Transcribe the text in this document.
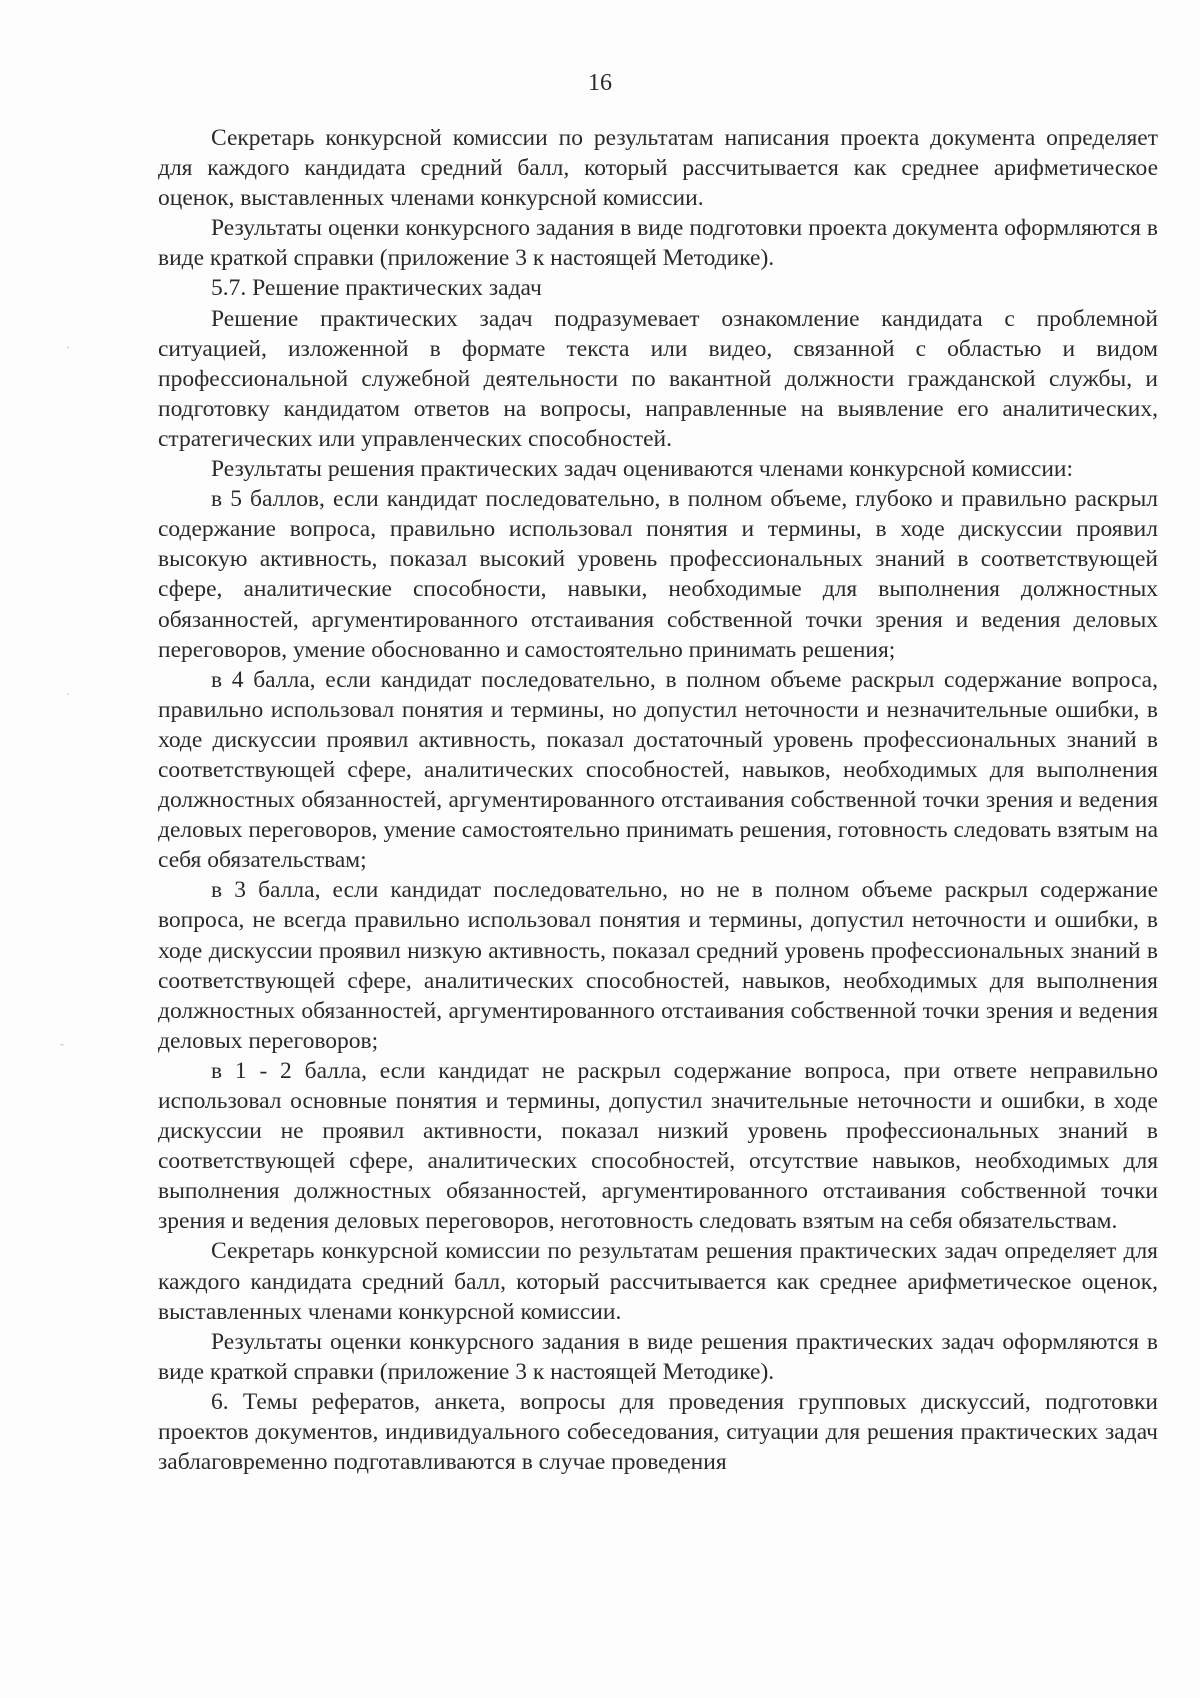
16
ˊ
·
˘

Секретарь конкурсной комиссии по результатам написания проекта документа определяет для каждого кандидата средний балл, который рассчитывается как среднее арифметическое оценок, выставленных членами конкурсной комиссии.

Результаты оценки конкурсного задания в виде подготовки проекта документа оформляются в виде краткой справки (приложение 3 к настоящей Методике).

5.7. Решение практических задач

Решение практических задач подразумевает ознакомление кандидата с проблемной ситуацией, изложенной в формате текста или видео, связанной с областью и видом профессиональной служебной деятельности по вакантной должности гражданской службы, и подготовку кандидатом ответов на вопросы, направленные на выявление его аналитических, стратегических или управленческих способностей.

Результаты решения практических задач оцениваются членами конкурсной комиссии:

в 5 баллов, если кандидат последовательно, в полном объеме, глубоко и правильно раскрыл содержание вопроса, правильно использовал понятия и термины, в ходе дискуссии проявил высокую активность, показал высокий уровень профессиональных знаний в соответствующей сфере, аналитические способности, навыки, необходимые для выполнения должностных обязанностей, аргументированного отстаивания собственной точки зрения и ведения деловых переговоров, умение обоснованно и самостоятельно принимать решения;

в 4 балла, если кандидат последовательно, в полном объеме раскрыл содержание вопроса, правильно использовал понятия и термины, но допустил неточности и незначительные ошибки, в ходе дискуссии проявил активность, показал достаточный уровень профессиональных знаний в соответствующей сфере, аналитических способностей, навыков, необходимых для выполнения должностных обязанностей, аргументированного отстаивания собственной точки зрения и ведения деловых переговоров, умение самостоятельно принимать решения, готовность следовать взятым на себя обязательствам;

в 3 балла, если кандидат последовательно, но не в полном объеме раскрыл содержание вопроса, не всегда правильно использовал понятия и термины, допустил неточности и ошибки, в ходе дискуссии проявил низкую активность, показал средний уровень профессиональных знаний в соответствующей сфере, аналитических способностей, навыков, необходимых для выполнения должностных обязанностей, аргументированного отстаивания собственной точки зрения и ведения деловых переговоров;

в 1 - 2 балла, если кандидат не раскрыл содержание вопроса, при ответе неправильно использовал основные понятия и термины, допустил значительные неточности и ошибки, в ходе дискуссии не проявил активности, показал низкий уровень профессиональных знаний в соответствующей сфере, аналитических способностей, отсутствие навыков, необходимых для выполнения должностных обязанностей, аргументированного отстаивания собственной точки зрения и ведения деловых переговоров, неготовность следовать взятым на себя обязательствам.

Секретарь конкурсной комиссии по результатам решения практических задач определяет для каждого кандидата средний балл, который рассчитывается как среднее арифметическое оценок, выставленных членами конкурсной комиссии.

Результаты оценки конкурсного задания в виде решения практических задач оформляются в виде краткой справки (приложение 3 к настоящей Методике).

6. Темы рефератов, анкета, вопросы для проведения групповых дискуссий, подготовки проектов документов, индивидуального собеседования, ситуации для решения практических задач заблаговременно подготавливаются в случае проведения
